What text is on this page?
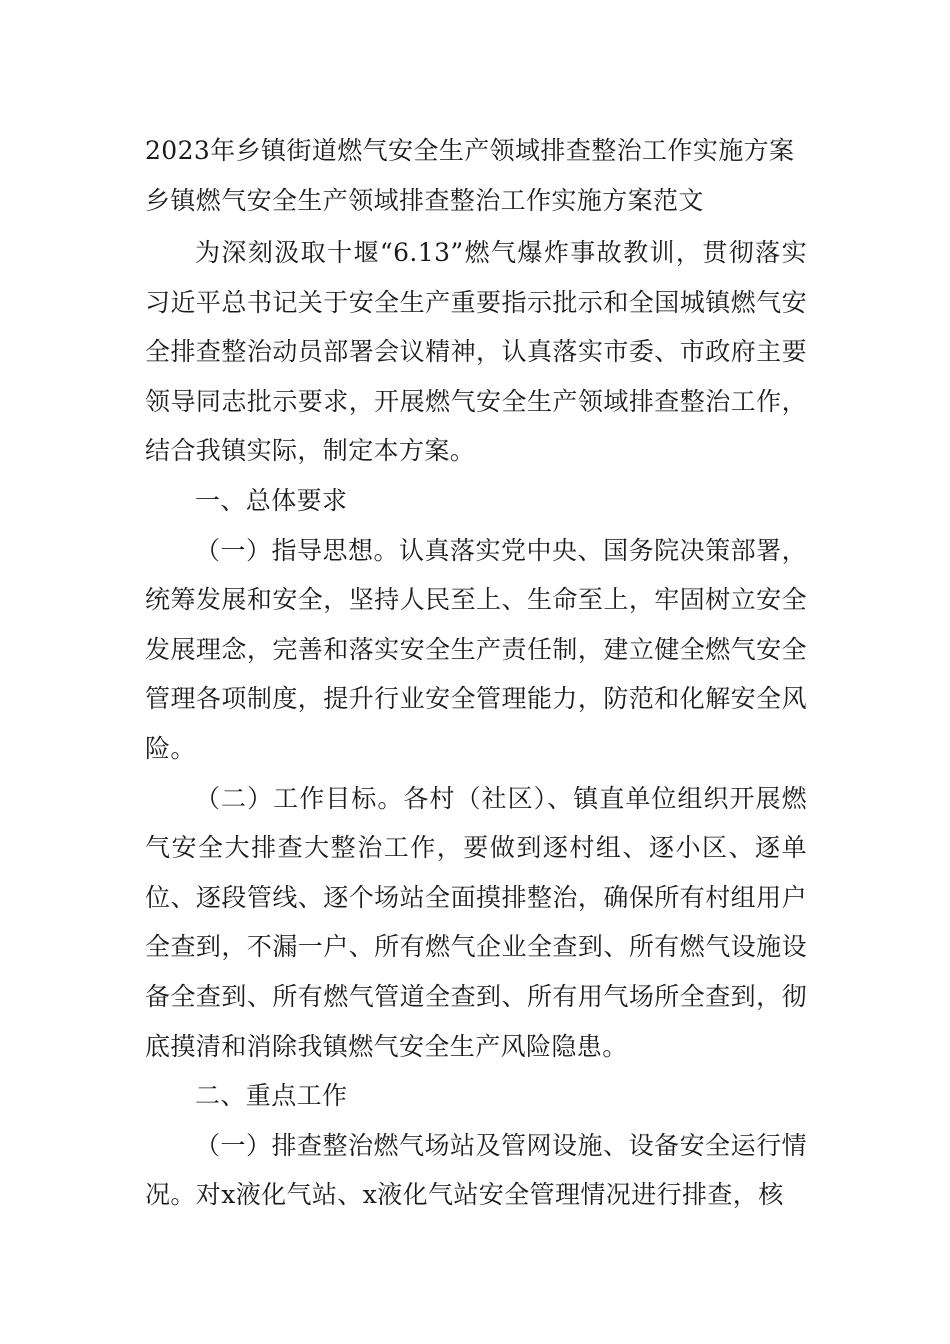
2023年乡镇街道燃气安全生产领域排查整治工作实施方案
乡镇燃气安全生产领域排查整治工作实施方案范文

为深刻汲取十堰“6.13”燃气爆炸事故教训，贯彻落实习近平总书记关于安全生产重要指示批示和全国城镇燃气安全排查整治动员部署会议精神，认真落实市委、市政府主要领导同志批示要求，开展燃气安全生产领域排查整治工作，结合我镇实际，制定本方案。

一、总体要求

（一）指导思想。认真落实党中央、国务院决策部署，统筹发展和安全，坚持人民至上、生命至上，牢固树立安全发展理念，完善和落实安全生产责任制，建立健全燃气安全管理各项制度，提升行业安全管理能力，防范和化解安全风险。

（二）工作目标。各村（社区）、镇直单位组织开展燃气安全大排查大整治工作，要做到逐村组、逐小区、逐单位、逐段管线、逐个场站全面摸排整治，确保所有村组用户全查到，不漏一户、所有燃气企业全查到、所有燃气设施设备全查到、所有燃气管道全查到、所有用气场所全查到，彻底摸清和消除我镇燃气安全生产风险隐患。

二、重点工作

（一）排查整治燃气场站及管网设施、设备安全运行情况。对x液化气站、x液化气站安全管理情况进行排查，核
